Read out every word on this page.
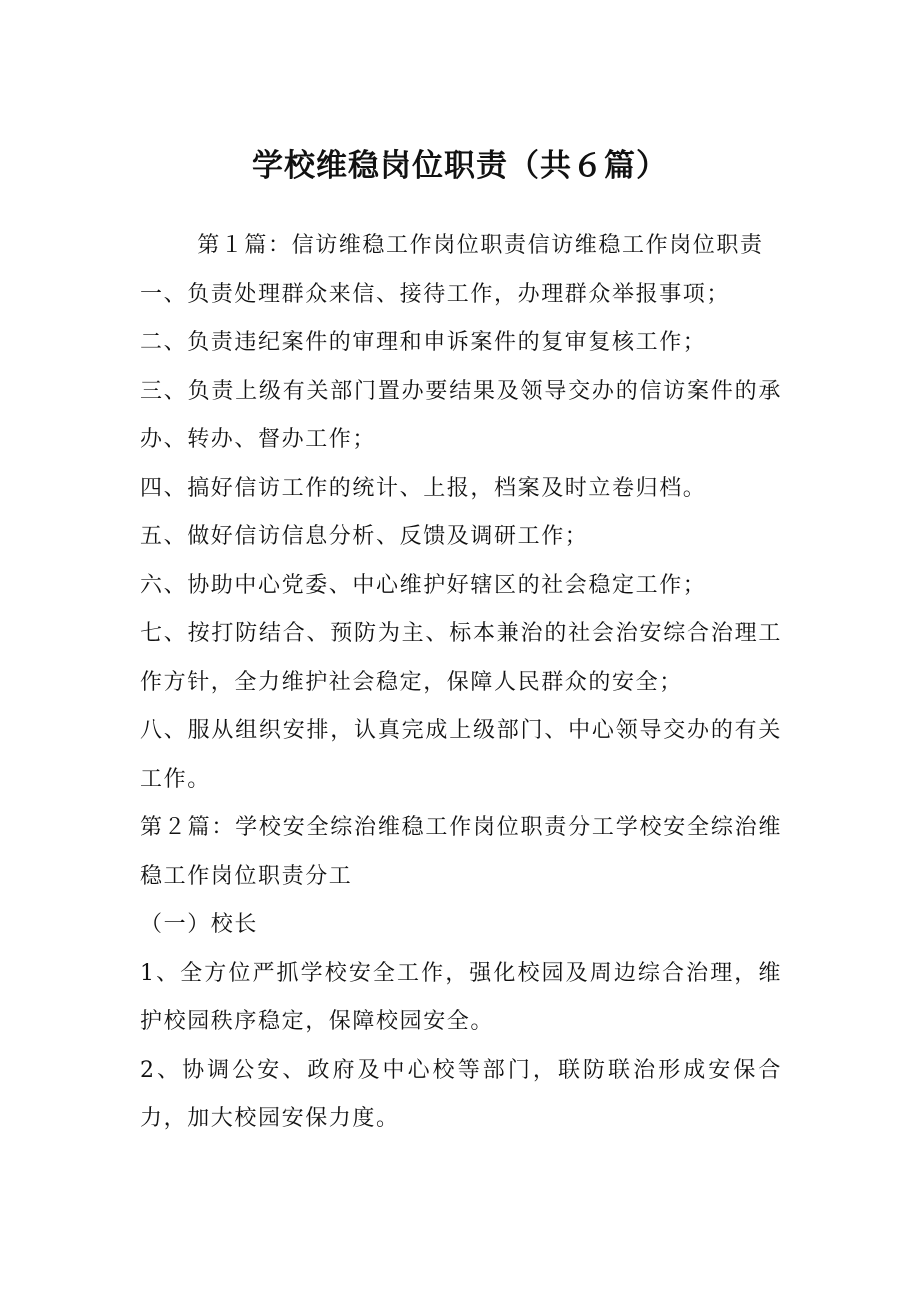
学校维稳岗位职责（共６篇）

第１篇：信访维稳工作岗位职责信访维稳工作岗位职责

一、负责处理群众来信、接待工作，办理群众举报事项；

二、负责违纪案件的审理和申诉案件的复审复核工作；

三、负责上级有关部门置办要结果及领导交办的信访案件的承办、转办、督办工作；

四、搞好信访工作的统计、上报，档案及时立卷归档。

五、做好信访信息分析、反馈及调研工作；

六、协助中心党委、中心维护好辖区的社会稳定工作；

七、按打防结合、预防为主、标本兼治的社会治安综合治理工作方针，全力维护社会稳定，保障人民群众的安全；

八、服从组织安排，认真完成上级部门、中心领导交办的有关工作。

第２篇：学校安全综治维稳工作岗位职责分工学校安全综治维稳工作岗位职责分工

（一）校长

1、全方位严抓学校安全工作，强化校园及周边综合治理，维护校园秩序稳定，保障校园安全。

2、协调公安、政府及中心校等部门，联防联治形成安保合力，加大校园安保力度。
